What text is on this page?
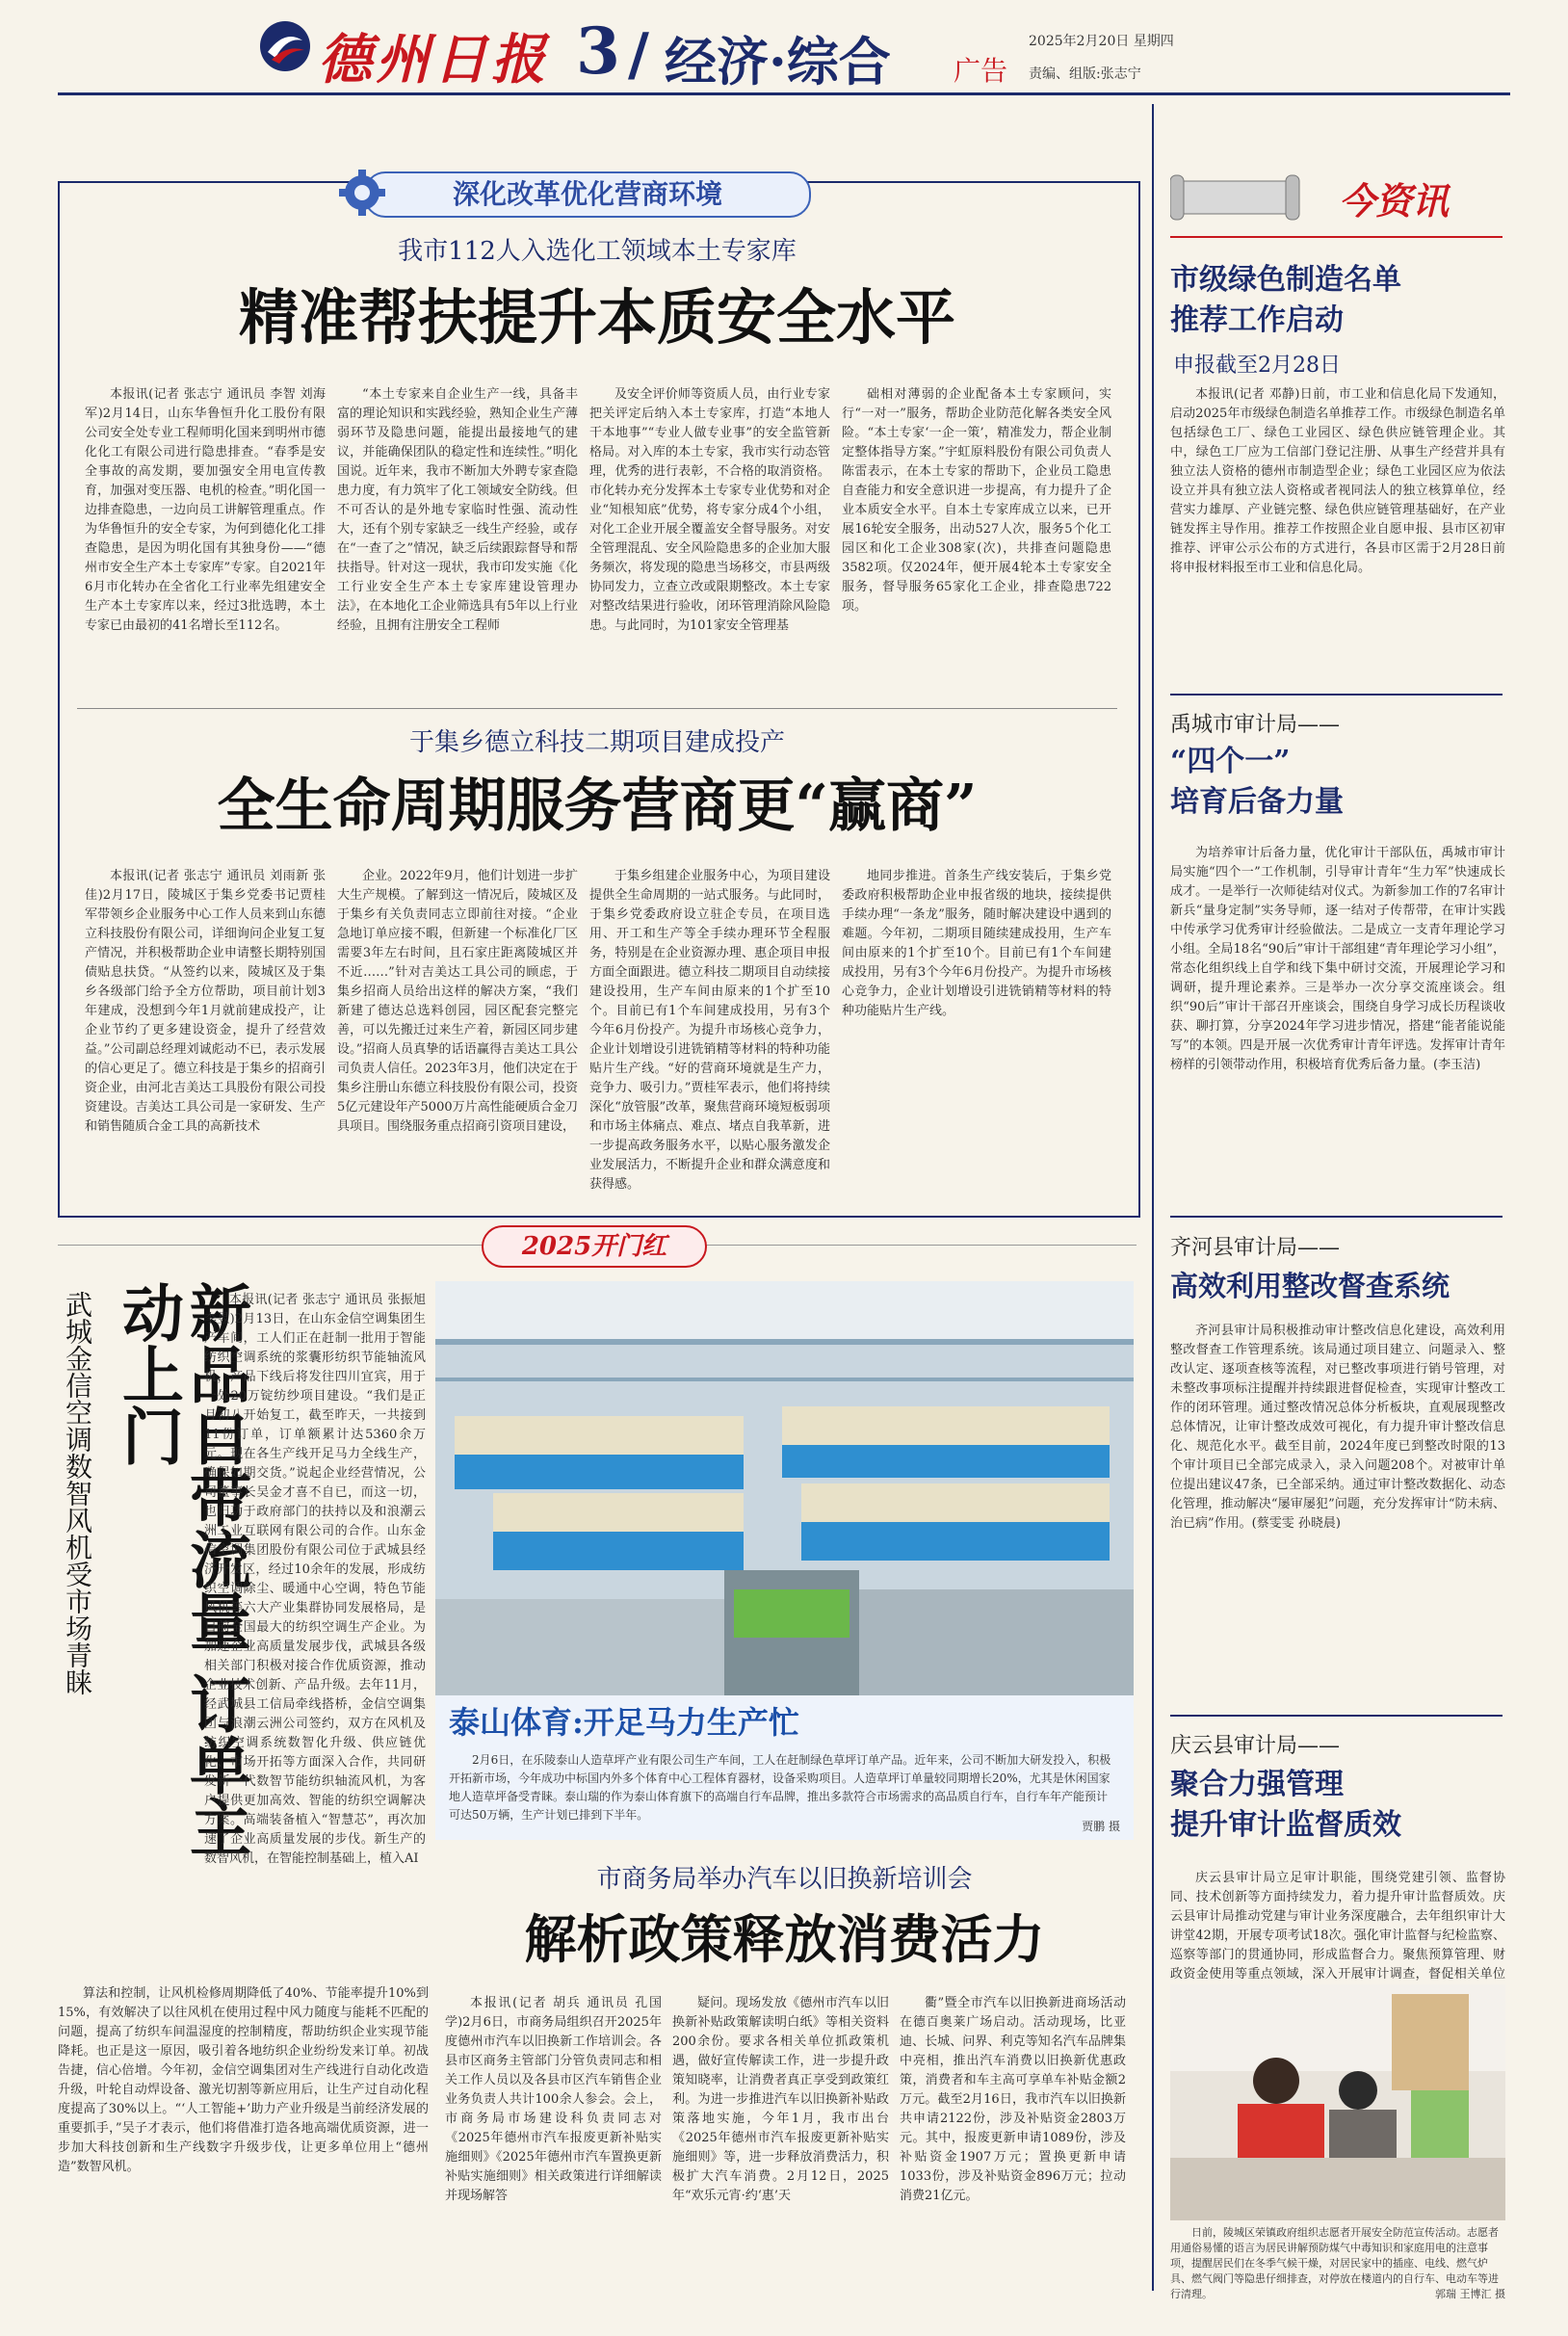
德州日报 3 / 经济·综合 广告
2025年2月20日 星期四
责编、组版:张志宁
深化改革优化营商环境
我市112人入选化工领域本土专家库
精准帮扶提升本质安全水平

本报讯(记者 张志宁 通讯员 李智 刘海军)2月14日，山东华鲁恒升化工股份有限公司安全处专业工程师明化国来到明州市德化化工有限公司进行隐患排查。“春季是安全事故的高发期，要加强安全用电宣传教育，加强对变压器、电机的检查。”明化国一边排查隐患，一边向员工讲解管理重点。作为华鲁恒升的安全专家，为何到德化化工排查隐患，是因为明化国有其独身份——“德州市安全生产本土专家库”专家。自2021年6月市化转办在全省化工行业率先组建安全生产本土专家库以来，经过3批选聘，本土专家已由最初的41名增长至112名。

“本土专家来自企业生产一线，具备丰富的理论知识和实践经验，熟知企业生产薄弱环节及隐患问题，能提出最接地气的建议，并能确保团队的稳定性和连续性。”明化国说。近年来，我市不断加大外聘专家查隐患力度，有力筑牢了化工领域安全防线。但不可否认的是外地专家临时性强、流动性大，还有个别专家缺乏一线生产经验，或存在“一查了之”情况，缺乏后续跟踪督导和帮扶指导。针对这一现状，我市印发实施《化工行业安全生产本土专家库建设管理办法》，在本地化工企业筛选具有5年以上行业经验，且拥有注册安全工程师

及安全评价师等资质人员，由行业专家把关评定后纳入本土专家库，打造“本地人干本地事”“专业人做专业事”的安全监管新格局。对入库的本土专家，我市实行动态管理，优秀的进行表彰，不合格的取消资格。市化转办充分发挥本土专家专业优势和对企业“知根知底”优势，将专家分成4个小组，对化工企业开展全覆盖安全督导服务。对安全管理混乱、安全风险隐患多的企业加大服务频次，将发现的隐患当场移交，市县两级协同发力，立查立改或限期整改。本土专家对整改结果进行验收，闭环管理消除风险隐患。与此同时，为101家安全管理基

础相对薄弱的企业配备本土专家顾问，实行“一对一”服务，帮助企业防范化解各类安全风险。“本土专家‘一企一策’，精准发力，帮企业制定整体指导方案。”宇虹原料股份有限公司负责人陈雷表示，在本土专家的帮助下，企业员工隐患自查能力和安全意识进一步提高，有力提升了企业本质安全水平。自本土专家库成立以来，已开展16轮安全服务，出动527人次，服务5个化工园区和化工企业308家(次)，共排查问题隐患3582项。仅2024年，便开展4轮本土专家安全服务，督导服务65家化工企业，排查隐患722项。

于集乡德立科技二期项目建成投产
全生命周期服务营商更“赢商”

本报讯(记者 张志宁 通讯员 刘雨新 张佳)2月17日，陵城区于集乡党委书记贾桂军带领乡企业服务中心工作人员来到山东德立科技股份有限公司，详细询问企业复工复产情况，并积极帮助企业申请整长期特别国债贴息扶贷。“从签约以来，陵城区及于集乡各级部门给予全方位帮助，项目前计划3年建成，没想到今年1月就前建成投产，让企业节约了更多建设资金，提升了经营效益。”公司副总经理刘诚彪动不已，表示发展的信心更足了。德立科技是于集乡的招商引资企业，由河北吉美达工具股份有限公司投资建设。吉美达工具公司是一家研发、生产和销售随质合金工具的高新技术

企业。2022年9月，他们计划进一步扩大生产规模。了解到这一情况后，陵城区及于集乡有关负责同志立即前往对接。“企业急地订单应接不暇，但新建一个标准化厂区需要3年左右时间，且石家庄距离陵城区并不近……”针对吉美达工具公司的顾虑，于集乡招商人员给出这样的解决方案，“我们新建了德达总选料创园，园区配套完整完善，可以先搬迁过来生产着，新园区同步建设。”招商人员真挚的话语赢得吉美达工具公司负责人信任。2023年3月，他们决定在于集乡注册山东德立科技股份有限公司，投资5亿元建设年产5000万片高性能硬质合金刀具项目。围绕服务重点招商引资项目建设，

于集乡组建企业服务中心，为项目建设提供全生命周期的一站式服务。与此同时，于集乡党委政府设立驻企专员，在项目选用、开工和生产等全手续办理环节全程服务，特别是在企业资源办理、惠企项目申报方面全面跟进。德立科技二期项目自动续接建设投用，生产车间由原来的1个扩至10个。目前已有1个车间建成投用，另有3个今年6月份投产。为提升市场核心竞争力，企业计划增设引进铣销精等材料的特种功能贴片生产线。“好的营商环境就是生产力，竞争力、吸引力。”贾桂军表示，他们将持续深化“放管服”改革，聚焦营商环境短板弱项和市场主体痛点、难点、堵点自我革新，进一步提高政务服务水平，以贴心服务激发企业发展活力，不断提升企业和群众满意度和获得感。

地同步推进。首条生产线安装后，于集乡党委政府积极帮助企业申报省级的地块，接续提供手续办理“一条龙”服务，随时解决建设中遇到的难题。今年初，二期项目随续建成投用，生产车间由原来的1个扩至10个。目前已有1个车间建成投用，另有3个今年6月份投产。为提升市场核心竞争力，企业计划增设引进铣销精等材料的特种功能贴片生产线。

2025开门红
新品自带流量 订单主动上门
武城金信空调数智风机受市场青睐	本报讯(记者 张志宁 通讯员 张振旭 李昱)2月13日，在山东金信空调集团生产车间，工人们正在赶制一批用于智能纺织空调系统的浆囊形纺织节能轴流风机，产品下线后将发往四川宜宾，用于一处20万锭纺纱项目建设。“我们是正月初八开始复工，截至昨天，一共接到11份订单，订单额累计达5360余万元。现在各生产线开足马力全线生产，确保如期交货。”说起企业经营情况，公司董事长吴金才喜不自已，而这一切，也归功于政府部门的扶持以及和浪潮云洲工业互联网有限公司的合作。山东金信空调集团股份有限公司位于武城县经济开发区，经过10余年的发展，形成纺织空调除尘、暖通中心空调，特色节能风机等六大产业集群协同发展格局，是目前全国最大的纺织空调生产企业。为加速企业高质量发展步伐，武城县各级相关部门积极对接合作优质资源，推动企业技术创新、产品升级。去年11月，经武城县工信局牵线搭桥，金信空调集团与浪潮云洲公司签约，双方在风机及纺织空调系统数智化升级、供应链优化、市场开拓等方面深入合作，共同研发新一代数智节能纺织轴流风机，为客户提供更加高效、智能的纺织空调解决方案。高端装备植入“智慧芯”，再次加速了企业高质量发展的步伐。新生产的数智风机，在智能控制基础上，植入AI

算法和控制，让风机检修周期降低了40%、节能率提升10%到15%，有效解决了以往风机在使用过程中风力随度与能耗不匹配的问题，提高了纺织车间温湿度的控制精度，帮助纺织企业实现节能降耗。也正是这一原因，吸引着各地纺织企业纷纷发来订单。初战告捷，信心倍增。今年初，金信空调集团对生产线进行自动化改造升级，叶轮自动焊设备、激光切割等新应用后，让生产过自动化程度提高了30%以上。“‘人工智能+’助力产业升级是当前经济发展的重要抓手，”吴子才表示，他们将借准打造各地高端优质资源，进一步加大科技创新和生产线数字升级步伐，让更多单位用上“德州造”数智风机。

泰山体育:开足马力生产忙
2月6日，在乐陵泰山人造草坪产业有限公司生产车间，工人在赶制绿色草坪订单产品。近年来，公司不断加大研发投入，积极开拓新市场，今年成功中标国内外多个体育中心工程体育器材，设备采购项目。人造草坪订单量较同期增长20%，尤其是休闲国家地人造草坪备受青睐。泰山瑞的作为泰山体育旗下的高端自行车品牌，推出多款符合市场需求的高品质自行车，自行车年产能预计可达50万辆，生产计划已排到下半年。
贾鹏 摄
市商务局举办汽车以旧换新培训会
解析政策释放消费活力

本报讯(记者 胡兵 通讯员 孔国学)2月6日，市商务局组织召开2025年度德州市汽车以旧换新工作培训会。各县市区商务主管部门分管负责同志和相关工作人员以及各县市区汽车销售企业业务负责人共计100余人参会。会上，市商务局市场建设科负责同志对《2025年德州市汽车报废更新补贴实施细则》《2025年德州市汽车置换更新补贴实施细则》相关政策进行详细解读并现场解答

疑问。现场发放《德州市汽车以旧换新补贴政策解读明白纸》等相关资料200余份。要求各相关单位抓政策机遇，做好宣传解读工作，进一步提升政策知晓率，让消费者真正享受到政策红利。为进一步推进汽车以旧换新补贴政策落地实施，今年1月，我市出台《2025年德州市汽车报废更新补贴实施细则》等，进一步释放消费活力，积极扩大汽车消费。2月12日，2025年“欢乐元宵·约‘惠’天

衢”暨全市汽车以旧换新进商场活动在德百奥莱广场启动。活动现场，比亚迪、长城、问界、利克等知名汽车品牌集中亮相，推出汽车消费以旧换新优惠政策，消费者和车主高可享单车补贴金额2万元。截至2月16日，我市汽车以旧换新共申请2122份，涉及补贴资金2803万元。其中，报废更新申请1089份，涉及补贴资金1907万元；置换更新申请1033份，涉及补贴资金896万元；拉动消费21亿元。

今资讯
市级绿色制造名单
推荐工作启动
申报截至2月28日

本报讯(记者 邓静)日前，市工业和信息化局下发通知，启动2025年市级绿色制造名单推荐工作。市级绿色制造名单包括绿色工厂、绿色工业园区、绿色供应链管理企业。其中，绿色工厂应为工信部门登记注册、从事生产经营并具有独立法人资格的德州市制造型企业；绿色工业园区应为依法设立并具有独立法人资格或者视同法人的独立核算单位，经营实力雄厚、产业链完整、绿色供应链管理基础好，在产业链发挥主导作用。推荐工作按照企业自愿申报、县市区初审推荐、评审公示公布的方式进行，各县市区需于2月28日前将申报材料报至市工业和信息化局。

禹城市审计局——
“四个一”
培育后备力量

为培养审计后备力量，优化审计干部队伍，禹城市审计局实施“四个一”工作机制，引导审计青年“生力军”快速成长成才。一是举行一次师徒结对仪式。为新参加工作的7名审计新兵“量身定制”实务导师，逐一结对子传帮带，在审计实践中传承学习优秀审计经验做法。二是成立一支青年理论学习小组。全局18名“90后”审计干部组建“青年理论学习小组”，常态化组织线上自学和线下集中研讨交流，开展理论学习和调研，提升理论素养。三是举办一次分享交流座谈会。组织“90后”审计干部召开座谈会，围绕自身学习成长历程谈收获、聊打算，分享2024年学习进步情况，搭建“能者能说能写”的本领。四是开展一次优秀审计青年评选。发挥审计青年榜样的引领带动作用，积极培育优秀后备力量。(李玉洁)

齐河县审计局——
高效利用整改督查系统

齐河县审计局积极推动审计整改信息化建设，高效利用整改督查工作管理系统。该局通过项目建立、问题录入、整改认定、逐项查核等流程，对已整改事项进行销号管理，对未整改事项标注提醒并持续跟进督促检查，实现审计整改工作的闭环管理。通过整改情况总体分析板块，直观展现整改总体情况，让审计整改成效可视化，有力提升审计整改信息化、规范化水平。截至目前，2024年度已到整改时限的13个审计项目已全部完成录入，录入问题208个。对被审计单位提出建议47条，已全部采纳。通过审计整改数据化、动态化管理，推动解决“屡审屡犯”问题，充分发挥审计“防未病、治已病”作用。(蔡雯雯 孙晓晨)

庆云县审计局——
聚合力强管理
提升审计监督质效

庆云县审计局立足审计职能，围绕党建引领、监督协同、技术创新等方面持续发力，着力提升审计监督质效。庆云县审计局推动党建与审计业务深度融合，去年组织审计大讲堂42期，开展专项考试18次。强化审计监督与纪检监察、巡察等部门的贯通协同，形成监督合力。聚焦预算管理、财政资金使用等重点领域，深入开展审计调查，督促相关单位

日前，陵城区荣镇政府组织志愿者开展安全防范宣传活动。志愿者用通俗易懂的语言为居民讲解预防煤气中毒知识和家庭用电的注意事项，提醒居民们在冬季气候干燥，对居民家中的插座、电线、燃气炉具、燃气阀门等隐患仔细排查，对停放在楼道内的自行车、电动车等进行清理。	郭瑞 王博汇 摄
